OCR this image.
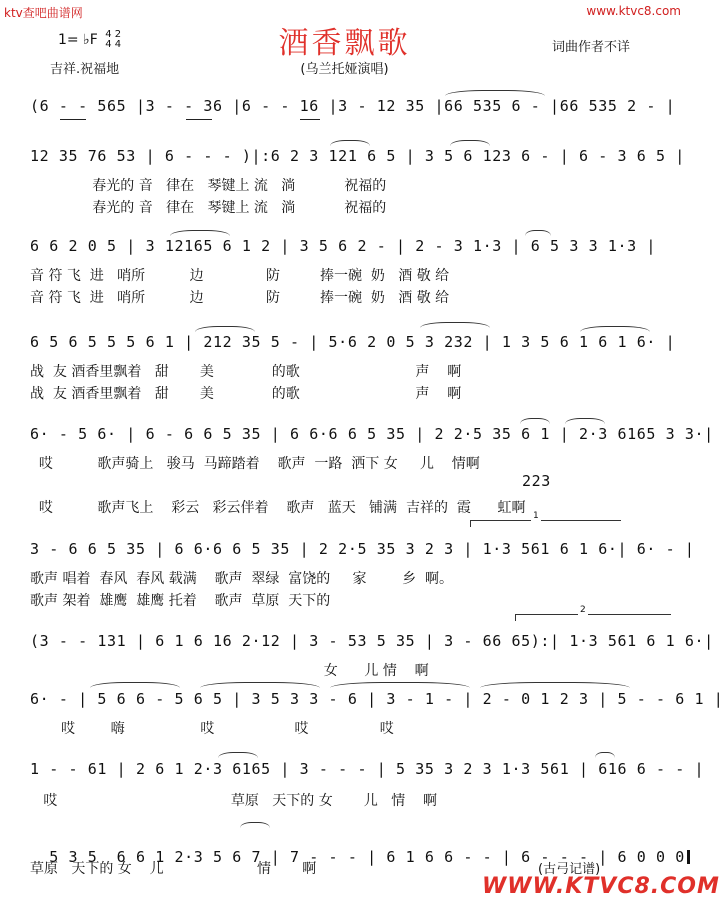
ktv查吧曲谱网	www.ktvc8.com
酒香飘歌
(乌兰托娅演唱)
1= ♭F 4 2
4 4	词曲作者不详
吉祥.祝福地
(6 - - 565 |3 - - 36 |6 - - 16 |3 - 12 35 |66 535 6 - |66 535 2 - |
12 35 76 53 | 6 - - - )|:6 2 3 121 6 5 | 3 5 6 123 6 - | 6 - 3 6 5 |
春光的 音   律在   琴键上 流   淌           祝福的
春光的 音   律在   琴键上 流   淌           祝福的
6 6 2 0 5 | 3 12165 6 1 2 | 3 5 6 2 - | 2 - 3 1·3 | 6 5 3 3 1·3 |
音 符 飞  进   哨所          边              防         捧一碗  奶   酒 敬 给
音 符 飞  进   哨所          边              防         捧一碗  奶   酒 敬 给
6 5 6 5 5 5 6 1 | 212 35 5 - | 5·6 2 0 5 3 232 | 1 3 5 6 1 6 1 6· |
战  友 酒香里飘着   甜       美             的歌                          声    啊
战  友 酒香里飘着   甜       美             的歌                          声    啊
6· - 5 6· | 6 - 6 6 5 35 | 6 6·6 6 5 35 | 2 2·5 35 6 1 | 2·3 6165 3 3·|
哎          歌声骑上   骏马  马蹄踏着    歌声  一路  洒下 女     儿    情啊
223
哎          歌声飞上    彩云   彩云伴着    歌声   蓝天   铺满  吉祥的  霞      虹啊 1
3 - 6 6 5 35 | 6 6·6 6 5 35 | 2 2·5 35 3 2 3 | 1·3 561 6 1 6·| 6· - |
歌声 唱着  春风  春风 载满    歌声  翠绿  富饶的     家        乡  啊。
歌声 架着  雄鹰  雄鹰 托着    歌声  草原  天下的
2
(3 - - 131 | 6 1 6 16 2·12 | 3 - 53 5 35 | 3 - 66 65):| 1·3 561 6 1 6·|
女      儿 情    啊
6· - | 5 6 6 - 5 6 5 | 3 5 3 3 - 6 | 3 - 1 - | 2 - 0 1 2 3 | 5 - - 6 1 |
哎        嗨                 哎                  哎                哎
1 - - 61 | 2 6 1 2·3 6165 | 3 - - - | 5 35 3 2 3 1·3 561 | 616 6 - - |
哎                                       草原   天下的 女       儿   情    啊

5 3 5  6 6 1 2·3 5 6 7 | 7 - - - | 6 1 6 6 - - | 6 - - - | 6 0 0 0

草原   天下的 女    儿                     情       啊	(古弓记谱)
WWW.KTVC8.COM
